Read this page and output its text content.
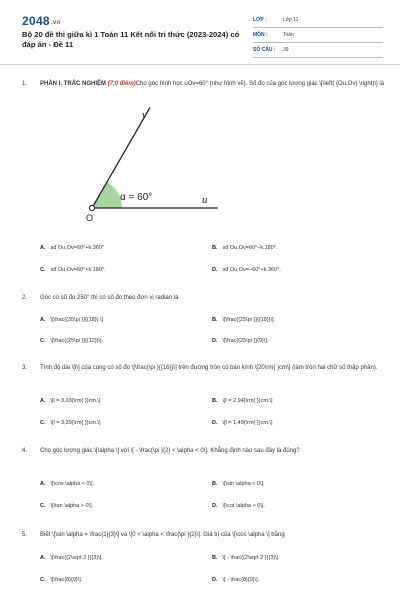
2048.vn
Bộ 20 đề thi giữa kì 1 Toán 11 Kết nối tri thức (2023-2024) có đáp án - Đề 11
LỚP :	Lớp 11
MÔN :	Toán
SỐ CÂU : 39
1. PHẦN I. TRẮC NGHIỆM (7,0 điểm)Cho góc hình học uOv=60° (như hình vẽ). Số đo của góc lượng giác \[\left( {Ou,Ov} \right)\] là
O
v
u
α = 60°
A. sđ Ou,Ov=60°+k.360°	B. sđ Ou,Ov=60°–k.180°.
C. sđ Ou,Ov=60°+k.180°.	D. sđ Ou,Ov=−60°+k.360°.
2. Góc có số đo 250° thì có số đo theo đơn vị radian là
A. \[\frac{{35\pi }}{{18}}.\]	B. \[\frac{{25\pi }}{{18}}\].
C. \[\frac{{25\pi }}{{12}}\].	D. \[\frac{{25\pi }}{9}\].
3. Tính độ dài \[l\] của cung có số đo \[\frac{\pi }{{16}}\] trên đường tròn có bán kính \[20\rm{ }cm\] (làm tròn hai chữ số thập phân).
A. \[l = 3,93{\rm{ }}cm.\]	B. \[l = 2,94{\rm{ }}cm.\]
C. \[l = 3,39{\rm{ }}cm.\]	D. \[l = 1,49{\rm{ }}cm.\]
4. Cho góc lượng giác \[\alpha \] với \[ - \frac{\pi }{2} < \alpha < 0\]. Khẳng định nào sau đây là đúng?
A. \[\cos \alpha < 0\].	B. \[\sin \alpha < 0\].
C. \[\tan \alpha > 0\].	D. \[\cot \alpha > 0\].
5. Biết \[\sin \alpha = \frac{1}{3}\] và \[0 < \alpha < \frac{\pi }{2}\]. Giá trị của \[\cos \alpha \] bằng
A. \[\frac{{2\sqrt 2 }}{3}\].	B. \[ - \frac{{2\sqrt 2 }}{3}\].
C. \[\frac{8}{9}\].	D. \[ - \frac{8}{9}\].
